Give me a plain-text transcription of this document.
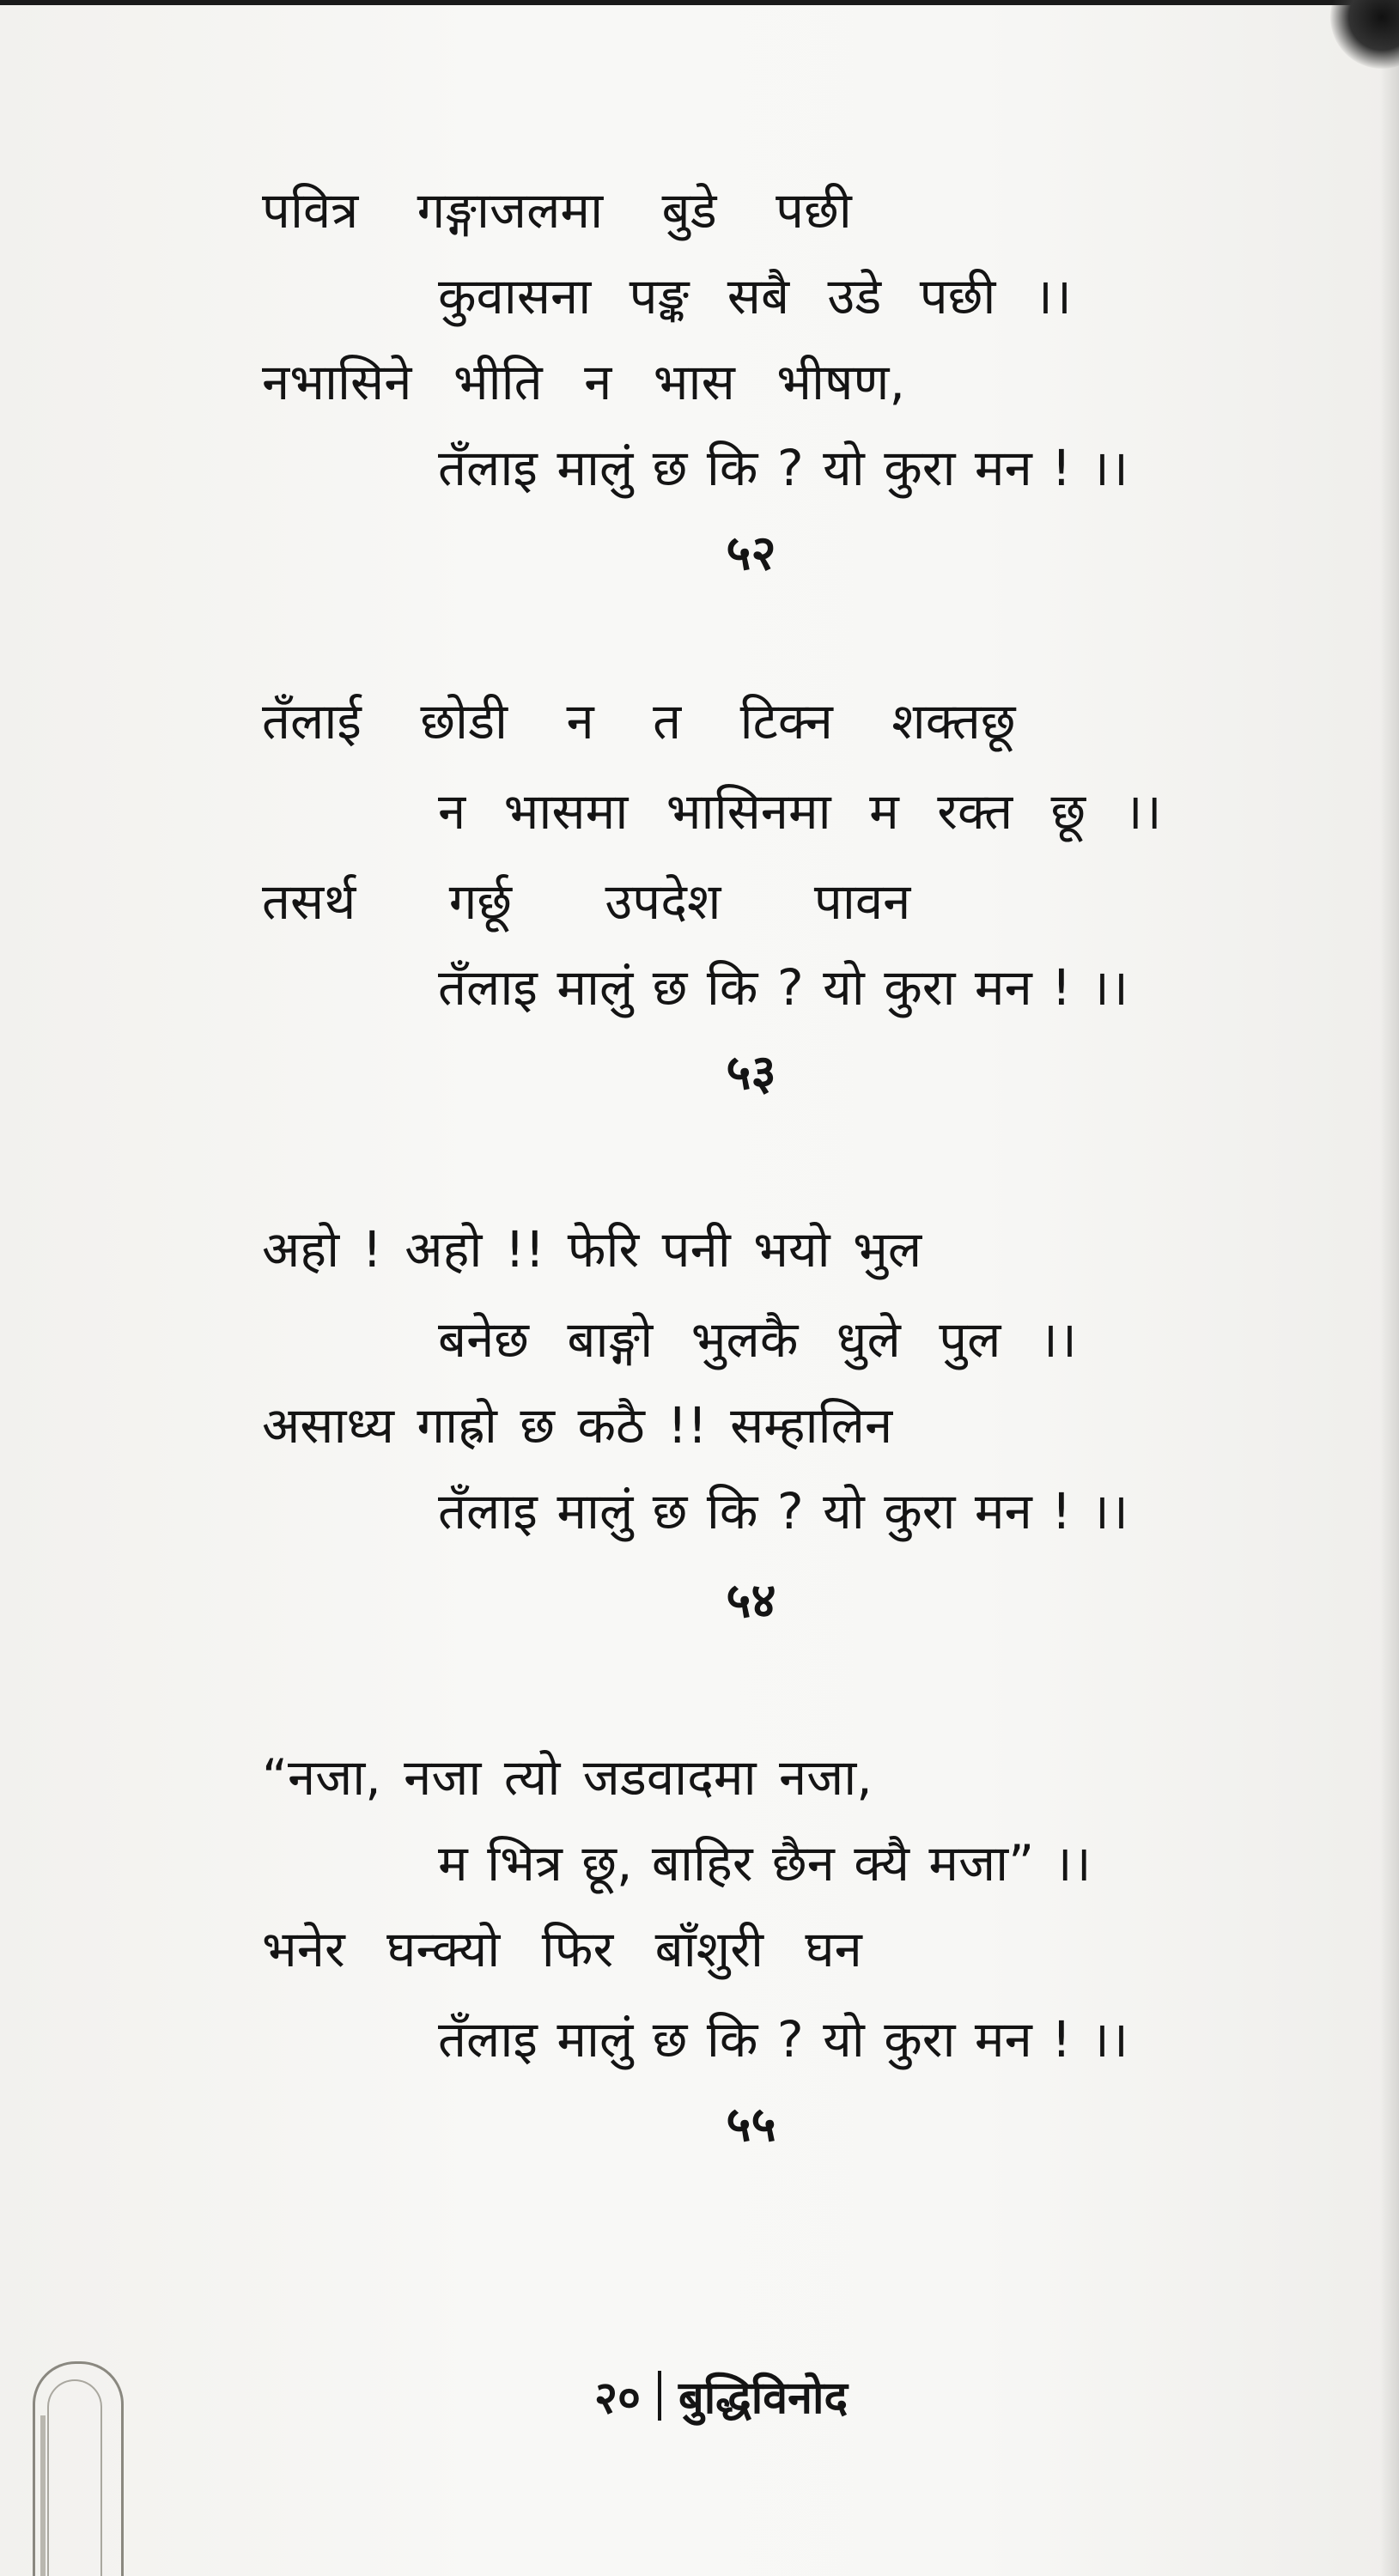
पवित्र गङ्गाजलमा बुडे पछी

कुवासना पङ्क सबै उडे पछी ।।

नभासिने भीति न भास भीषण,

तँलाइ मालुं छ कि ? यो कुरा मन ! ।।

५२

तँलाई छोडी न त टिक्न शक्तछू

न भासमा भासिनमा म रक्त छू ।।

तसर्थ गर्छू उपदेश पावन

तँलाइ मालुं छ कि ? यो कुरा मन ! ।।

५३

अहो ! अहो !! फेरि पनी भयो भुल

बनेछ बाङ्गो भुलकै धुले पुल ।।

असाध्य गाह्रो छ कठै !! सम्हालिन

तँलाइ मालुं छ कि ? यो कुरा मन ! ।।

५४

“नजा, नजा त्यो जडवादमा नजा,

म भित्र छू, बाहिर छैन क्यै मजा” ।।

भनेर घन्क्यो फिर बाँशुरी घन

तँलाइ मालुं छ कि ? यो कुरा मन ! ।।

५५

२० बुद्धिविनोद
